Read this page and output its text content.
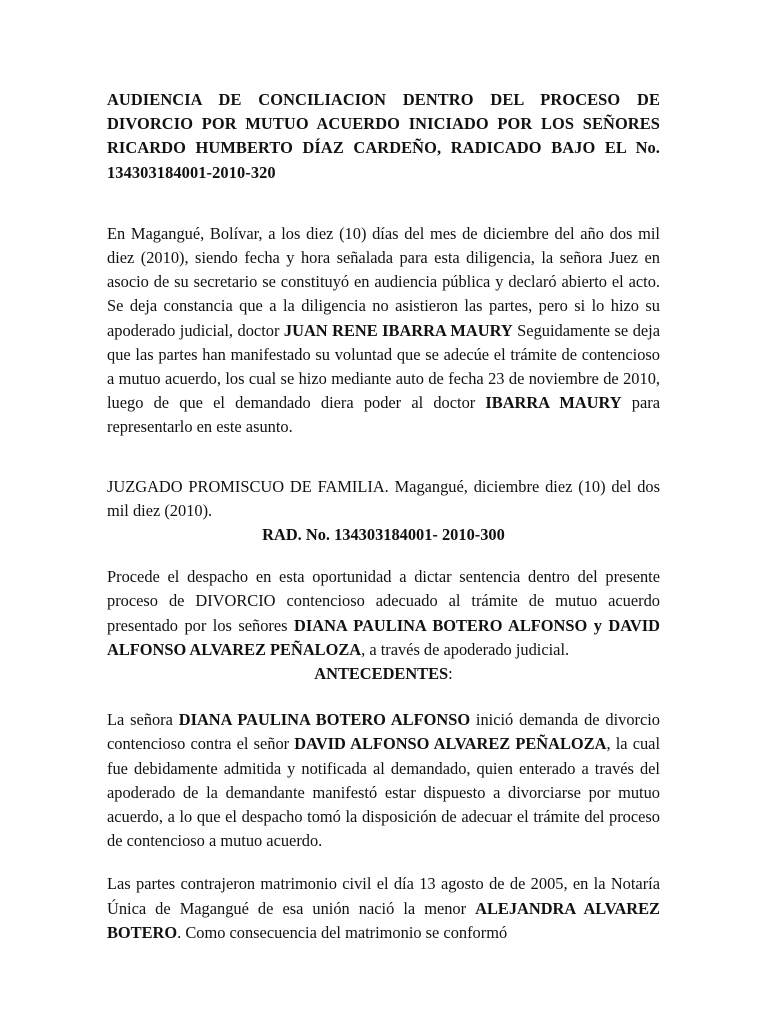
AUDIENCIA DE CONCILIACION DENTRO DEL PROCESO DE DIVORCIO POR MUTUO ACUERDO INICIADO POR LOS SEÑORES RICARDO HUMBERTO DÍAZ CARDEÑO, RADICADO BAJO EL No. 134303184001-2010-320

En Magangué, Bolívar, a los diez (10) días del mes de diciembre del año dos mil diez (2010), siendo fecha y hora señalada para esta diligencia, la señora Juez en asocio de su secretario se constituyó en audiencia pública y declaró abierto el acto. Se deja constancia que a la diligencia no asistieron las partes, pero si lo hizo su apoderado judicial, doctor JUAN RENE IBARRA MAURY Seguidamente se deja que las partes han manifestado su voluntad que se adecúe el trámite de contencioso a mutuo acuerdo, los cual se hizo mediante auto de fecha 23 de noviembre de 2010, luego de que el demandado diera poder al doctor IBARRA MAURY para representarlo en este asunto.

JUZGADO PROMISCUO DE FAMILIA. Magangué, diciembre diez (10) del dos mil diez (2010).

RAD. No. 134303184001- 2010-300

Procede el despacho en esta oportunidad a dictar sentencia dentro del presente proceso de DIVORCIO contencioso adecuado al trámite de mutuo acuerdo presentado por los señores DIANA PAULINA BOTERO ALFONSO y DAVID ALFONSO ALVAREZ PEÑALOZA, a través de apoderado judicial.

ANTECEDENTES:

La señora DIANA PAULINA BOTERO ALFONSO inició demanda de divorcio contencioso contra el señor DAVID ALFONSO ALVAREZ PEÑALOZA, la cual fue debidamente admitida y notificada al demandado, quien enterado a través del apoderado de la demandante manifestó estar dispuesto a divorciarse por mutuo acuerdo, a lo que el despacho tomó la disposición de adecuar el trámite del proceso de contencioso a mutuo acuerdo.

Las partes contrajeron matrimonio civil el día 13 agosto de de 2005, en la Notaría Única de Magangué de esa unión nació la menor ALEJANDRA ALVAREZ BOTERO. Como consecuencia del matrimonio se conformó
